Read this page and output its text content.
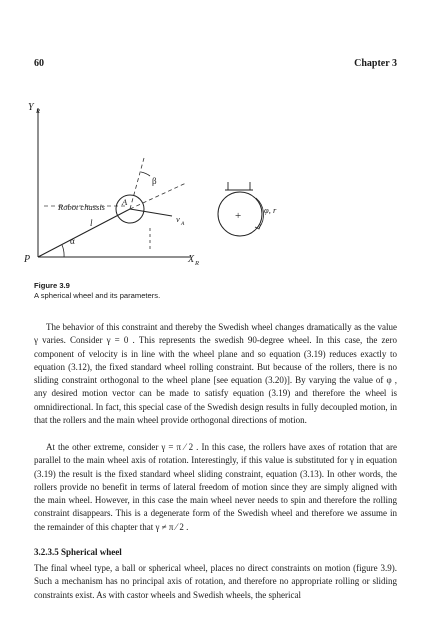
60	Chapter 3
Y R
X R
P
Robot chassis
l
α
A
β
v A
+	φ, r
Figure 3.9
A spherical wheel and its parameters.

The behavior of this constraint and thereby the Swedish wheel changes dramatically as the value γ varies. Consider γ = 0 . This represents the swedish 90-degree wheel. In this case, the zero component of velocity is in line with the wheel plane and so equation (3.19) reduces exactly to equation (3.12), the fixed standard wheel rolling constraint. But because of the rollers, there is no sliding constraint orthogonal to the wheel plane [see equation (3.20)]. By varying the value of φ , any desired motion vector can be made to satisfy equation (3.19) and therefore the wheel is omnidirectional. In fact, this special case of the Swedish design results in fully decoupled motion, in that the rollers and the main wheel provide orthogonal directions of motion.

At the other extreme, consider γ = π ⁄ 2 . In this case, the rollers have axes of rotation that are parallel to the main wheel axis of rotation. Interestingly, if this value is substituted for γ in equation (3.19) the result is the fixed standard wheel sliding constraint, equation (3.13). In other words, the rollers provide no benefit in terms of lateral freedom of motion since they are simply aligned with the main wheel. However, in this case the main wheel never needs to spin and therefore the rolling constraint disappears. This is a degenerate form of the Swedish wheel and therefore we assume in the remainder of this chapter that γ ≠ π ⁄ 2 .

3.2.3.5 Spherical wheel

The final wheel type, a ball or spherical wheel, places no direct constraints on motion (figure 3.9). Such a mechanism has no principal axis of rotation, and therefore no appropriate rolling or sliding constraints exist. As with castor wheels and Swedish wheels, the spherical
